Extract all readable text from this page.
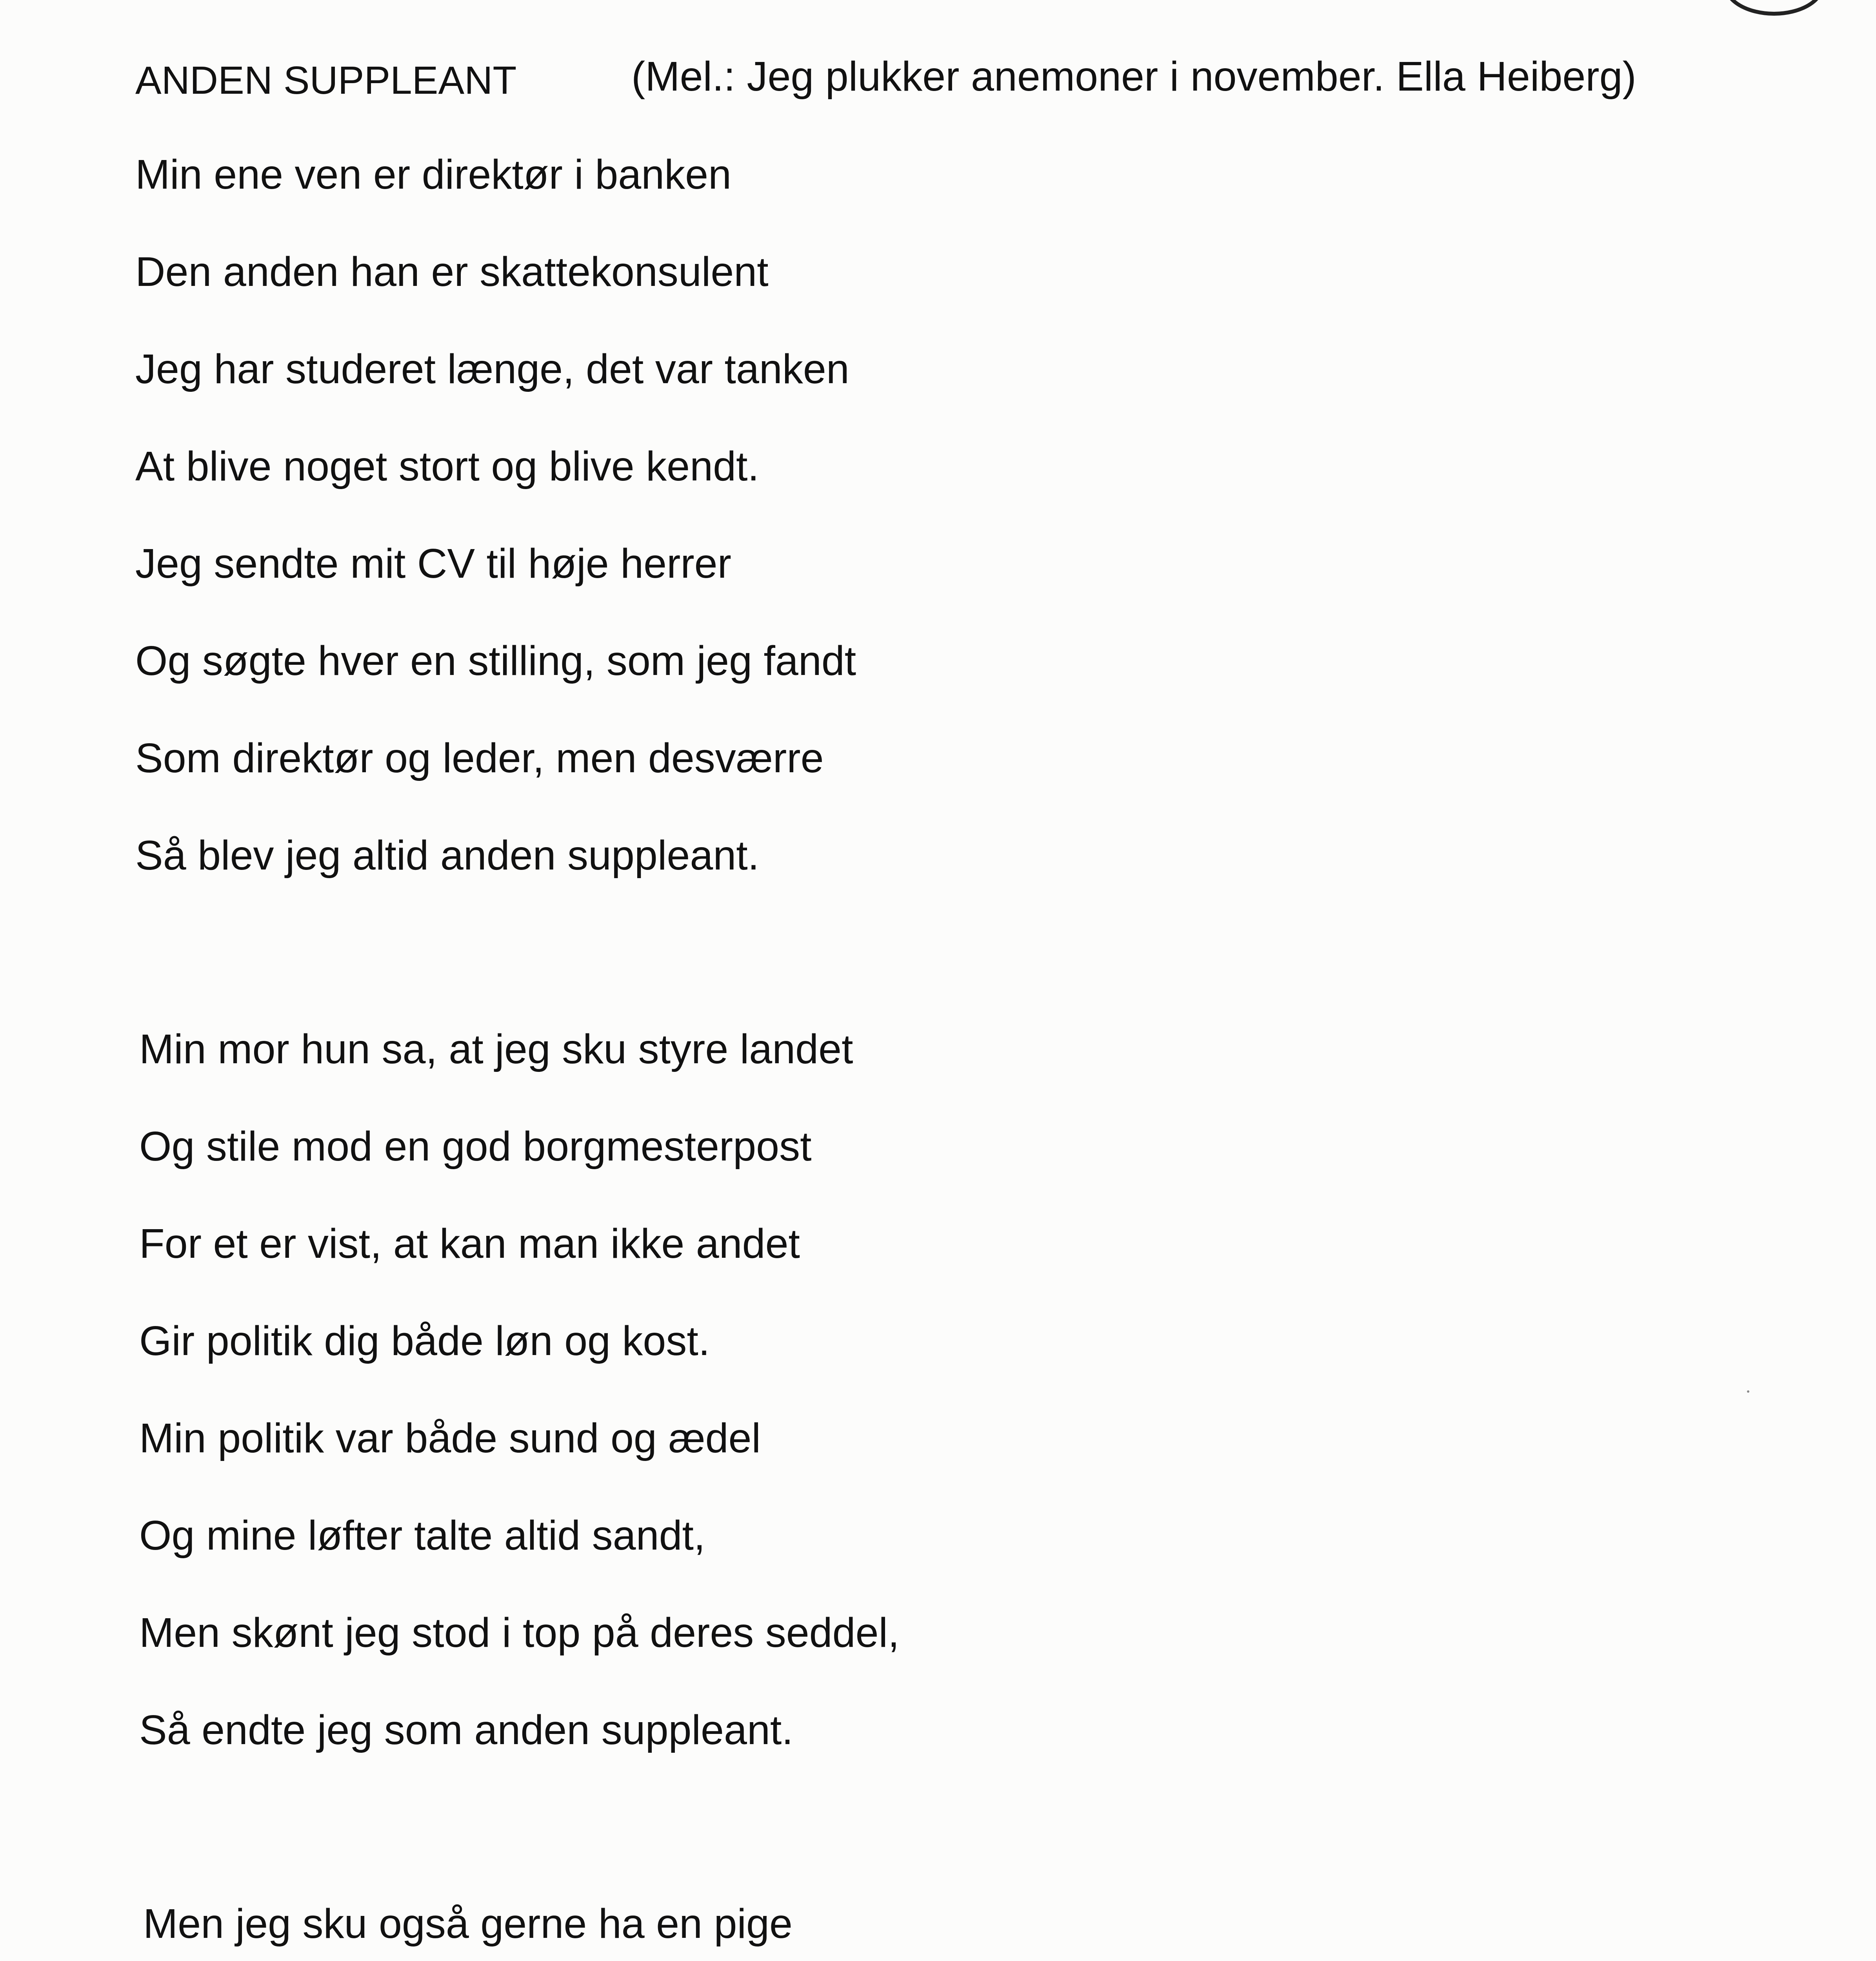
ANDEN SUPPLEANT	(Mel.: Jeg plukker anemoner i november. Ella Heiberg)
Min ene ven er direktør i banken
Den anden han er skattekonsulent
Jeg har studeret længe, det var tanken
At blive noget stort og blive kendt.
Jeg sendte mit CV til høje herrer
Og søgte hver en stilling, som jeg fandt
Som direktør og leder, men desværre
Så blev jeg altid anden suppleant.
Min mor hun sa, at jeg sku styre landet
Og stile mod en god borgmesterpost
For et er vist, at kan man ikke andet
Gir politik dig både løn og kost.
Min politik var både sund og ædel
Og mine løfter talte altid sandt,
Men skønt jeg stod i top på deres seddel,
Så endte jeg som anden suppleant.
Men jeg sku også gerne ha en pige
